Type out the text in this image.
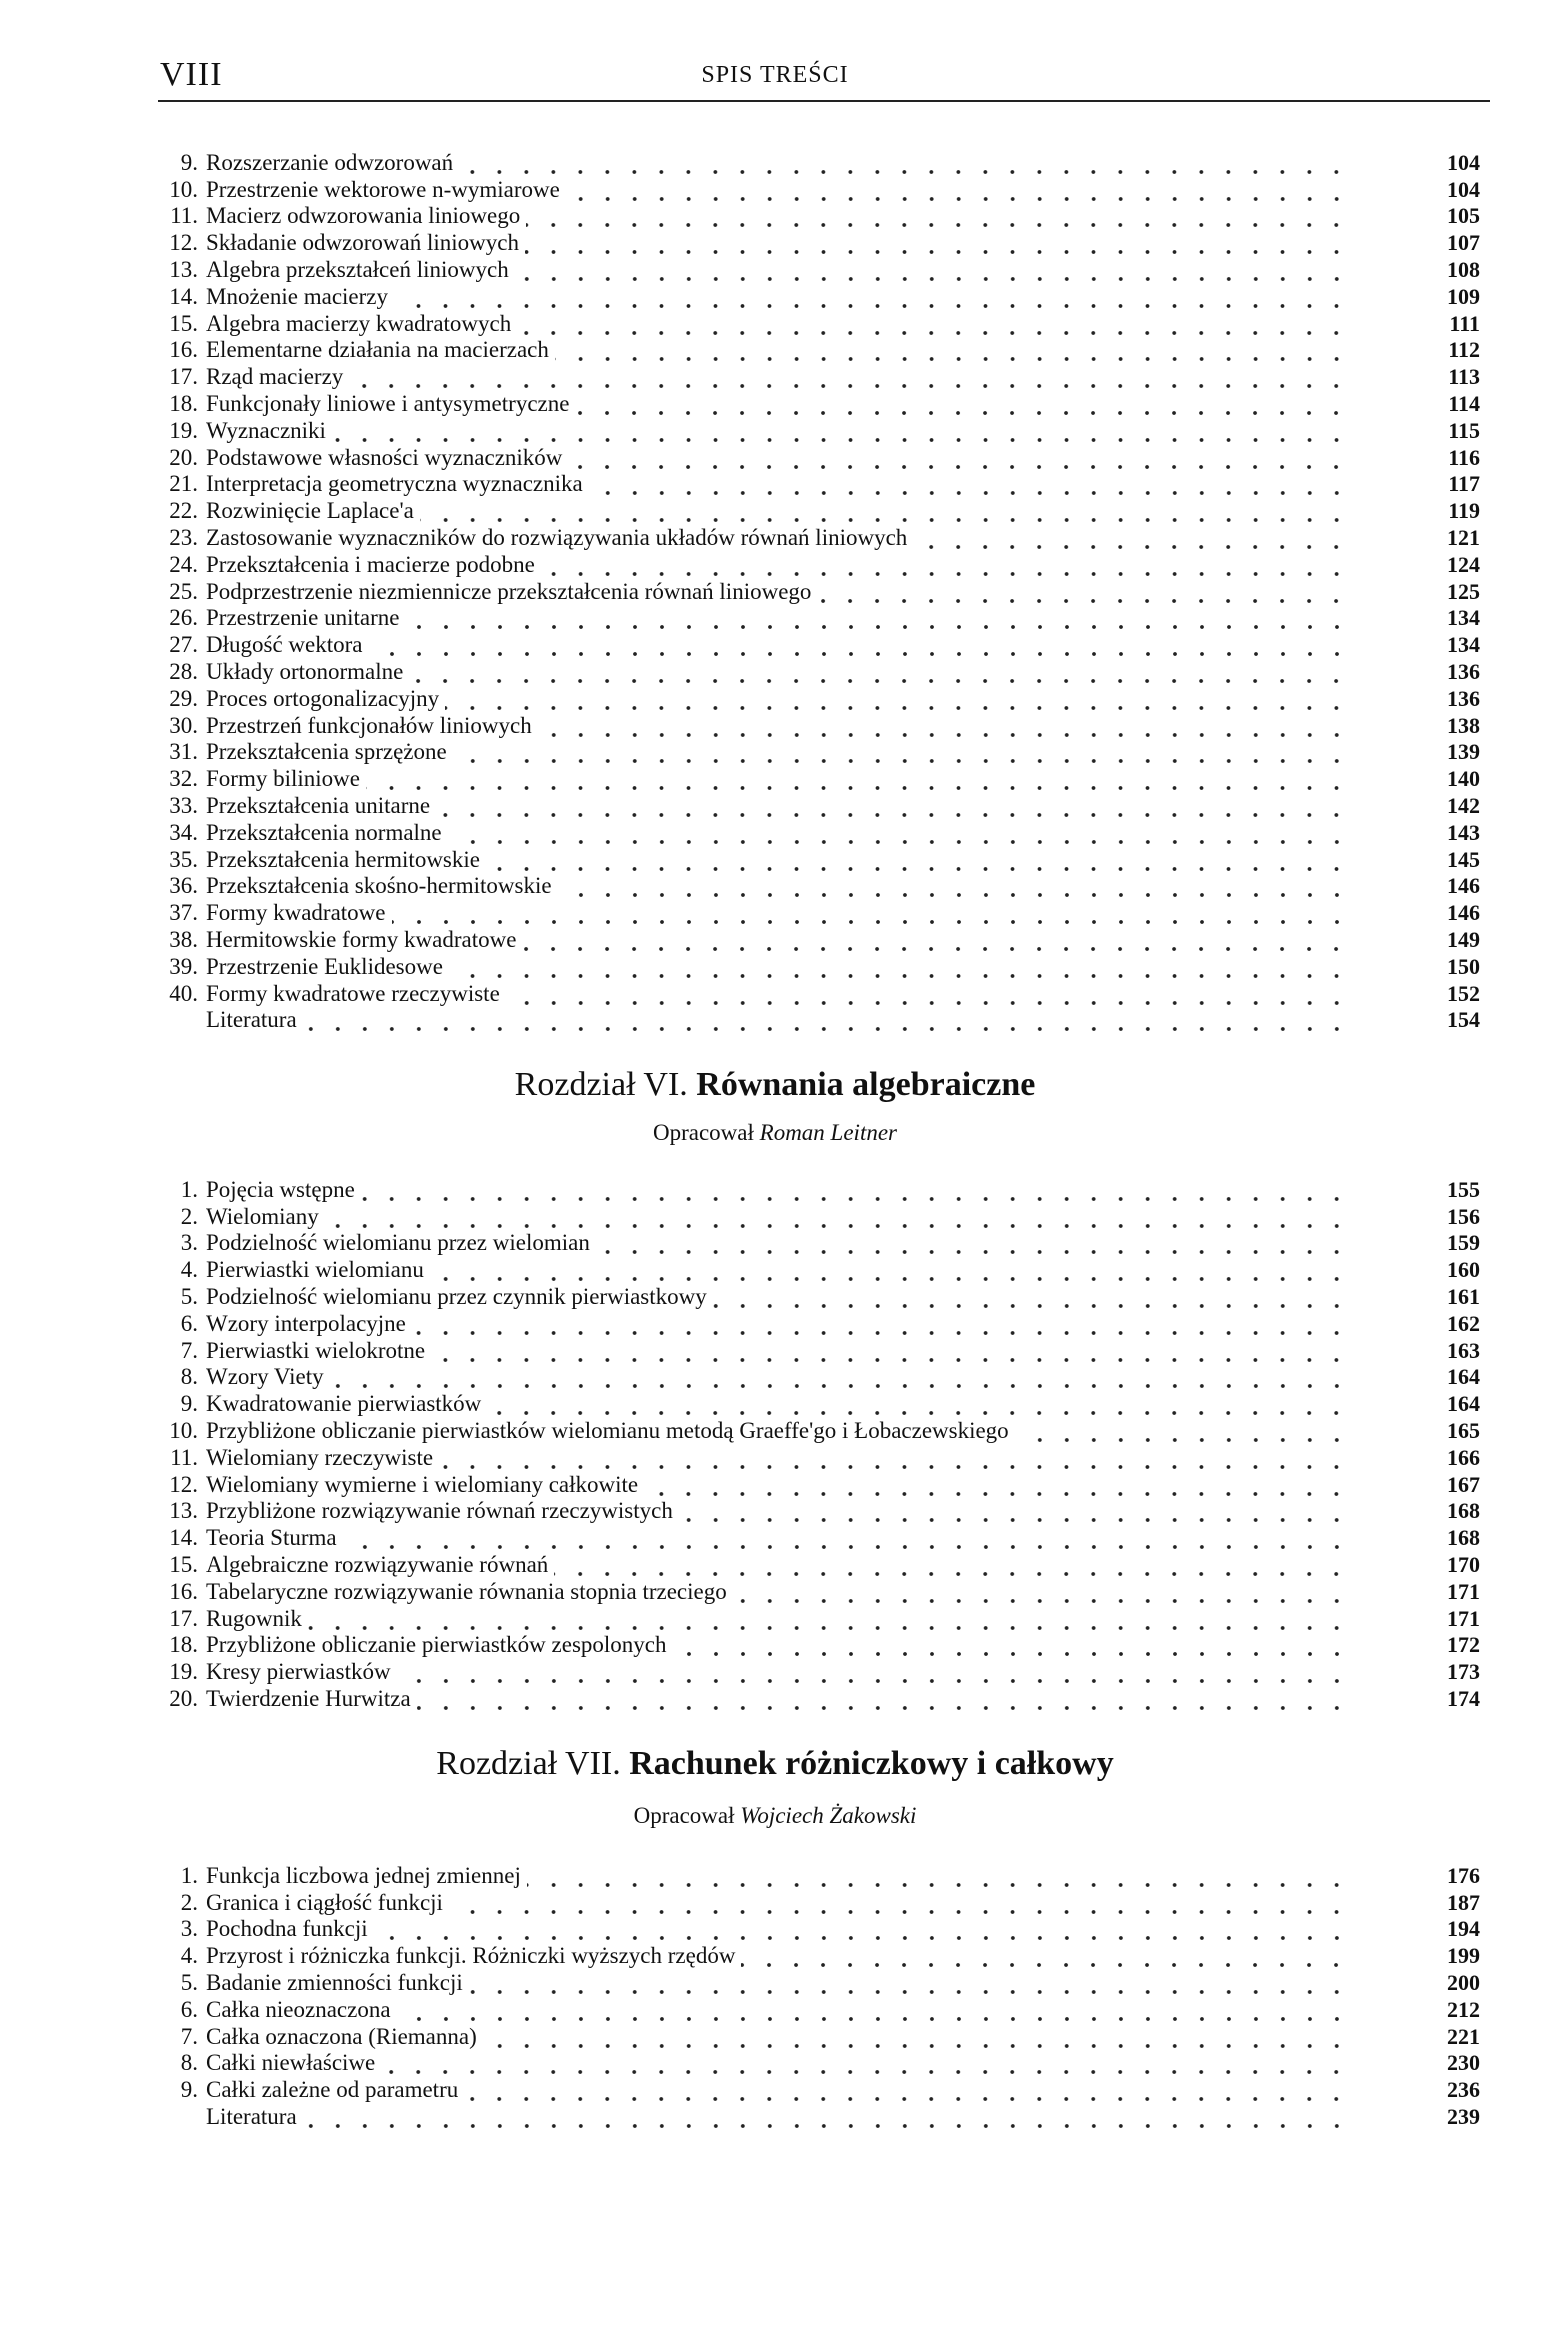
VIII	SPIS TREŚCI
9. Rozszerzanie odwzorowań	104
10. Przestrzenie wektorowe n-wymiarowe	104
11. Macierz odwzorowania liniowego	105
12. Składanie odwzorowań liniowych	107
13. Algebra przekształceń liniowych	108
14. Mnożenie macierzy	109
15. Algebra macierzy kwadratowych	111
16. Elementarne działania na macierzach	112
17. Rząd macierzy	113
18. Funkcjonały liniowe i antysymetryczne	114
19. Wyznaczniki	115
20. Podstawowe własności wyznaczników	116
21. Interpretacja geometryczna wyznacznika	117
22. Rozwinięcie Laplace'a	119
23. Zastosowanie wyznaczników do rozwiązywania układów równań liniowych	121
24. Przekształcenia i macierze podobne	124
25. Podprzestrzenie niezmiennicze przekształcenia równań liniowego	125
26. Przestrzenie unitarne	134
27. Długość wektora	134
28. Układy ortonormalne	136
29. Proces ortogonalizacyjny	136
30. Przestrzeń funkcjonałów liniowych	138
31. Przekształcenia sprzężone	139
32. Formy biliniowe	140
33. Przekształcenia unitarne	142
34. Przekształcenia normalne	143
35. Przekształcenia hermitowskie	145
36. Przekształcenia skośno-hermitowskie	146
37. Formy kwadratowe	146
38. Hermitowskie formy kwadratowe	149
39. Przestrzenie Euklidesowe	150
40. Formy kwadratowe rzeczywiste	152
Literatura	154
Rozdział VI. Równania algebraiczne
Opracował Roman Leitner
1. Pojęcia wstępne	155
2. Wielomiany	156
3. Podzielność wielomianu przez wielomian	159
4. Pierwiastki wielomianu	160
5. Podzielność wielomianu przez czynnik pierwiastkowy	161
6. Wzory interpolacyjne	162
7. Pierwiastki wielokrotne	163
8. Wzory Viety	164
9. Kwadratowanie pierwiastków	164
10. Przybliżone obliczanie pierwiastków wielomianu metodą Graeffe'go i Łobaczewskiego	165
11. Wielomiany rzeczywiste	166
12. Wielomiany wymierne i wielomiany całkowite	167
13. Przybliżone rozwiązywanie równań rzeczywistych	168
14. Teoria Sturma	168
15. Algebraiczne rozwiązywanie równań	170
16. Tabelaryczne rozwiązywanie równania stopnia trzeciego	171
17. Rugownik	171
18. Przybliżone obliczanie pierwiastków zespolonych	172
19. Kresy pierwiastków	173
20. Twierdzenie Hurwitza	174
Rozdział VII. Rachunek różniczkowy i całkowy
Opracował Wojciech Żakowski
1. Funkcja liczbowa jednej zmiennej	176
2. Granica i ciągłość funkcji	187
3. Pochodna funkcji	194
4. Przyrost i różniczka funkcji. Różniczki wyższych rzędów	199
5. Badanie zmienności funkcji	200
6. Całka nieoznaczona	212
7. Całka oznaczona (Riemanna)	221
8. Całki niewłaściwe	230
9. Całki zależne od parametru	236
Literatura	239
